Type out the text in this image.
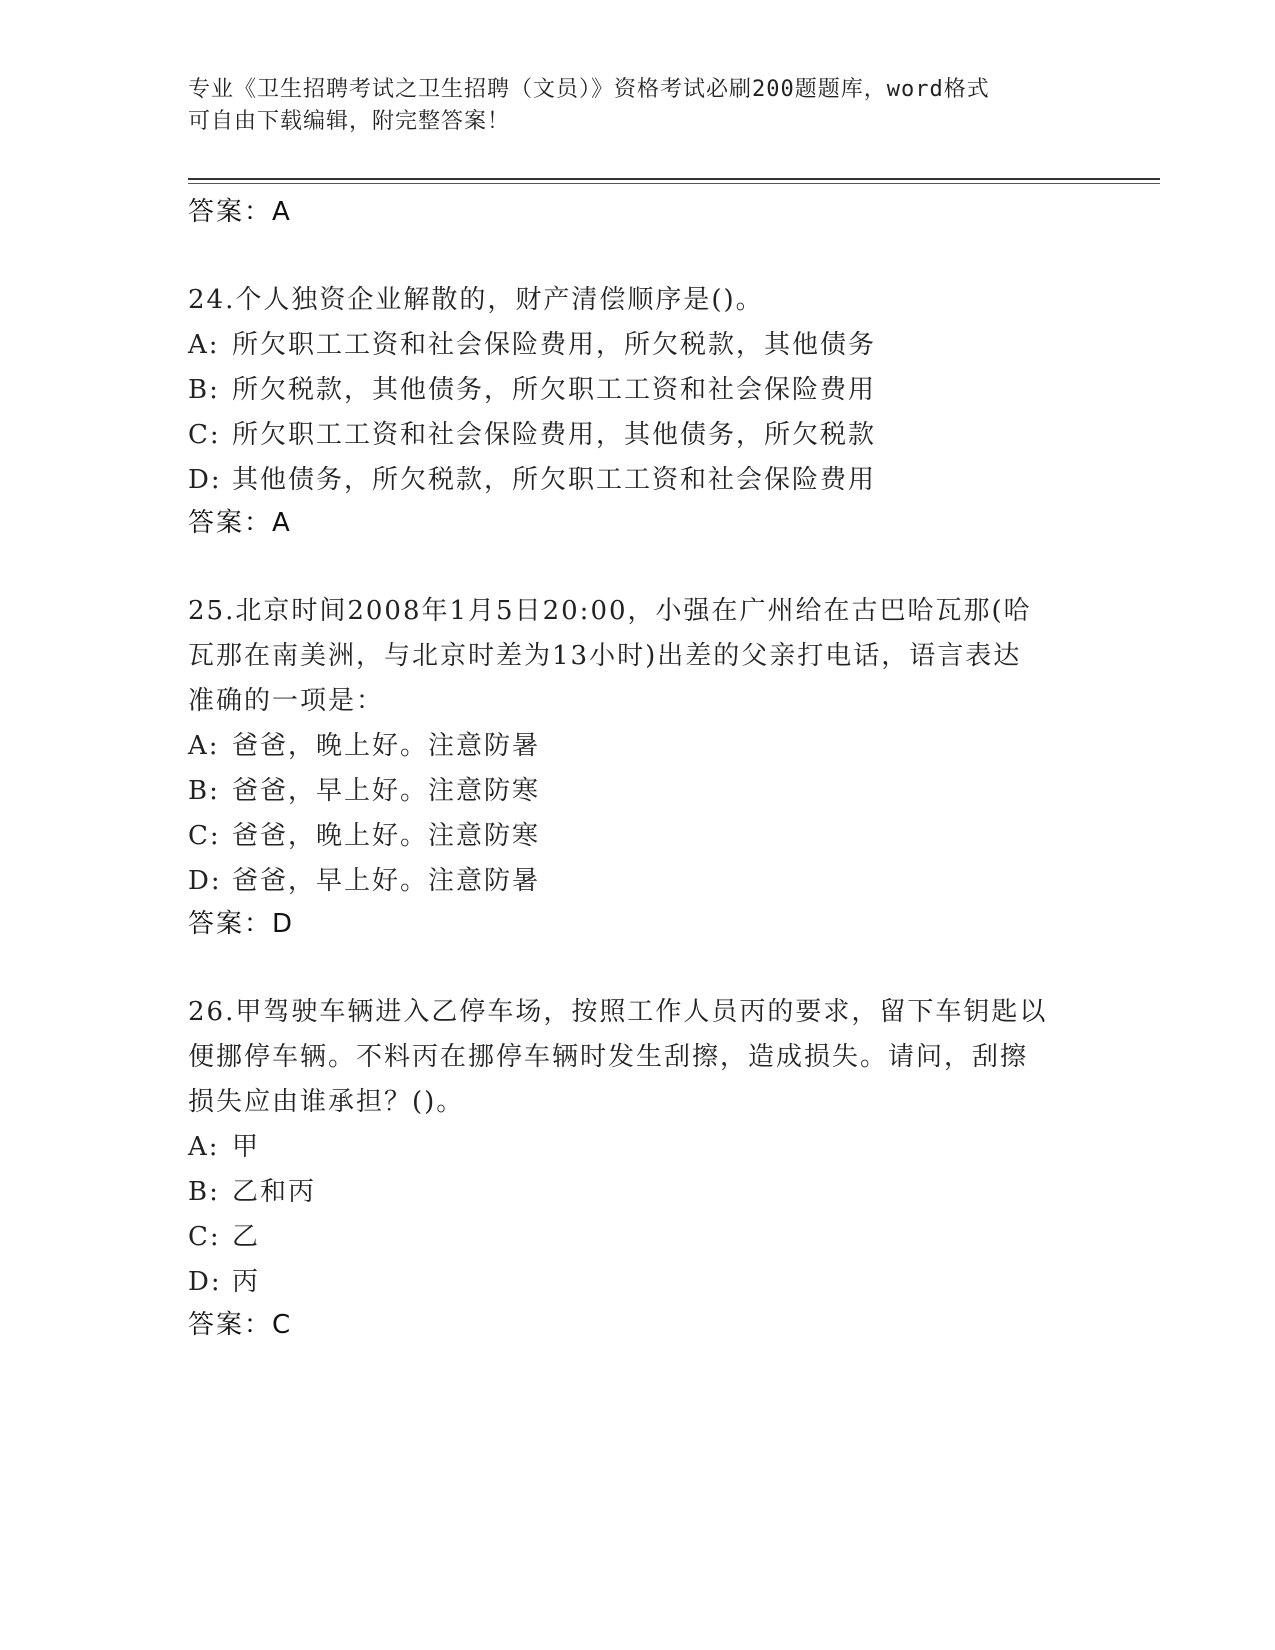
专业《卫生招聘考试之卫生招聘（文员）》资格考试必刷200题题库，word格式
可自由下载编辑，附完整答案！
答案：A
24.个人独资企业解散的，财产清偿顺序是()。
A: 所欠职工工资和社会保险费用，所欠税款，其他债务
B: 所欠税款，其他债务，所欠职工工资和社会保险费用
C: 所欠职工工资和社会保险费用，其他债务，所欠税款
D: 其他债务，所欠税款，所欠职工工资和社会保险费用
答案：A
25.北京时间2008年1月5日20:00，小强在广州给在古巴哈瓦那(哈
瓦那在南美洲，与北京时差为13小时)出差的父亲打电话，语言表达
准确的一项是：
A: 爸爸，晚上好。注意防暑
B: 爸爸，早上好。注意防寒
C: 爸爸，晚上好。注意防寒
D: 爸爸，早上好。注意防暑
答案：D
26.甲驾驶车辆进入乙停车场，按照工作人员丙的要求，留下车钥匙以
便挪停车辆。不料丙在挪停车辆时发生刮擦，造成损失。请问，刮擦
损失应由谁承担？()。
A: 甲
B: 乙和丙
C: 乙
D: 丙
答案：C
